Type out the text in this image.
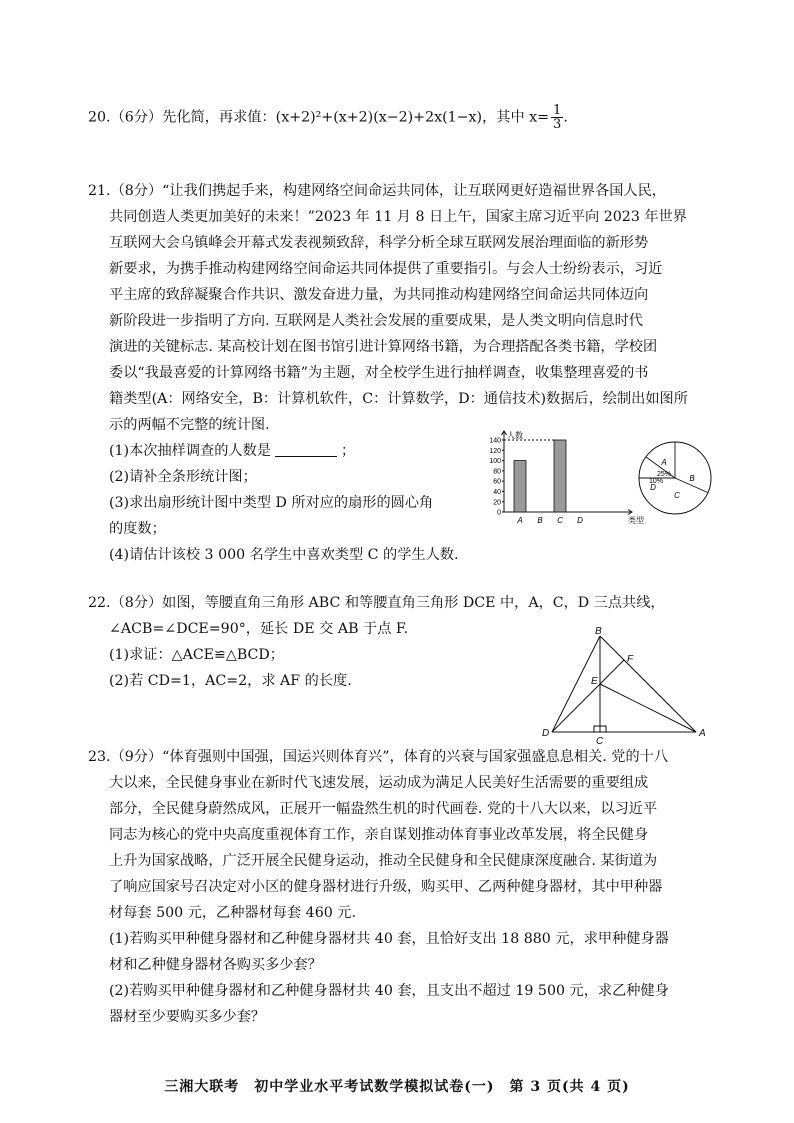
20.（6分）先化简，再求值：(x+2)²+(x+2)(x−2)+2x(1−x)，其中 $x= \frac{1}{3}$ .

21.（8分）“让我们携起手来，构建网络空间命运共同体，让互联网更好造福世界各国人民，

共同创造人类更加美好的未来！”2023 年 11 月 8 日上午，国家主席习近平向 2023 年世界

互联网大会乌镇峰会开幕式发表视频致辞，科学分析全球互联网发展治理面临的新形势

新要求，为携手推动构建网络空间命运共同体提供了重要指引。与会人士纷纷表示，习近

平主席的致辞凝聚合作共识、激发奋进力量，为共同推动构建网络空间命运共同体迈向

新阶段进一步指明了方向. 互联网是人类社会发展的重要成果，是人类文明向信息时代

演进的关键标志. 某高校计划在图书馆引进计算网络书籍，为合理搭配各类书籍，学校团

委以“我最喜爱的计算网络书籍”为主题，对全校学生进行抽样调查，收集整理喜爱的书

籍类型(A：网络安全，B：计算机软件，C：计算数学，D：通信技术)数据后，绘制出如图所

示的两幅不完整的统计图.

(1)本次抽样调查的人数是	；

(2)请补全条形统计图；

(3)求出扇形统计图中类型 D 所对应的扇形的圆心角

的度数；

(4)请估计该校 3 000 名学生中喜欢类型 C 的学生人数.

人数
0
20
40
60
80
100
120
140
A B C D	类型
A
25% B
C
D
10%

22.（8分）如图，等腰直角三角形 ABC 和等腰直角三角形 DCE 中，A，C，D 三点共线，

∠ACB=∠DCE=90°，延长 DE 交 AB 于点 F.

(1)求证：△ACE≌△BCD；

(2)若 CD=1，AC=2，求 AF 的长度.

B
F
E
D
C
A

23.（9分）“体育强则中国强，国运兴则体育兴”，体育的兴衰与国家强盛息息相关. 党的十八

大以来，全民健身事业在新时代飞速发展，运动成为满足人民美好生活需要的重要组成

部分，全民健身蔚然成风，正展开一幅盎然生机的时代画卷. 党的十八大以来，以习近平

同志为核心的党中央高度重视体育工作，亲自谋划推动体育事业改革发展，将全民健身

上升为国家战略，广泛开展全民健身运动，推动全民健身和全民健康深度融合. 某街道为

了响应国家号召决定对小区的健身器材进行升级，购买甲、乙两种健身器材，其中甲种器

材每套 500 元，乙种器材每套 460 元.

(1)若购买甲种健身器材和乙种健身器材共 40 套，且恰好支出 18 880 元，求甲种健身器

材和乙种健身器材各购买多少套？

(2)若购买甲种健身器材和乙种健身器材共 40 套，且支出不超过 19 500 元，求乙种健身

器材至少要购买多少套？

三湘大联考　初中学业水平考试数学模拟试卷(一)　第 3 页(共 4 页)
